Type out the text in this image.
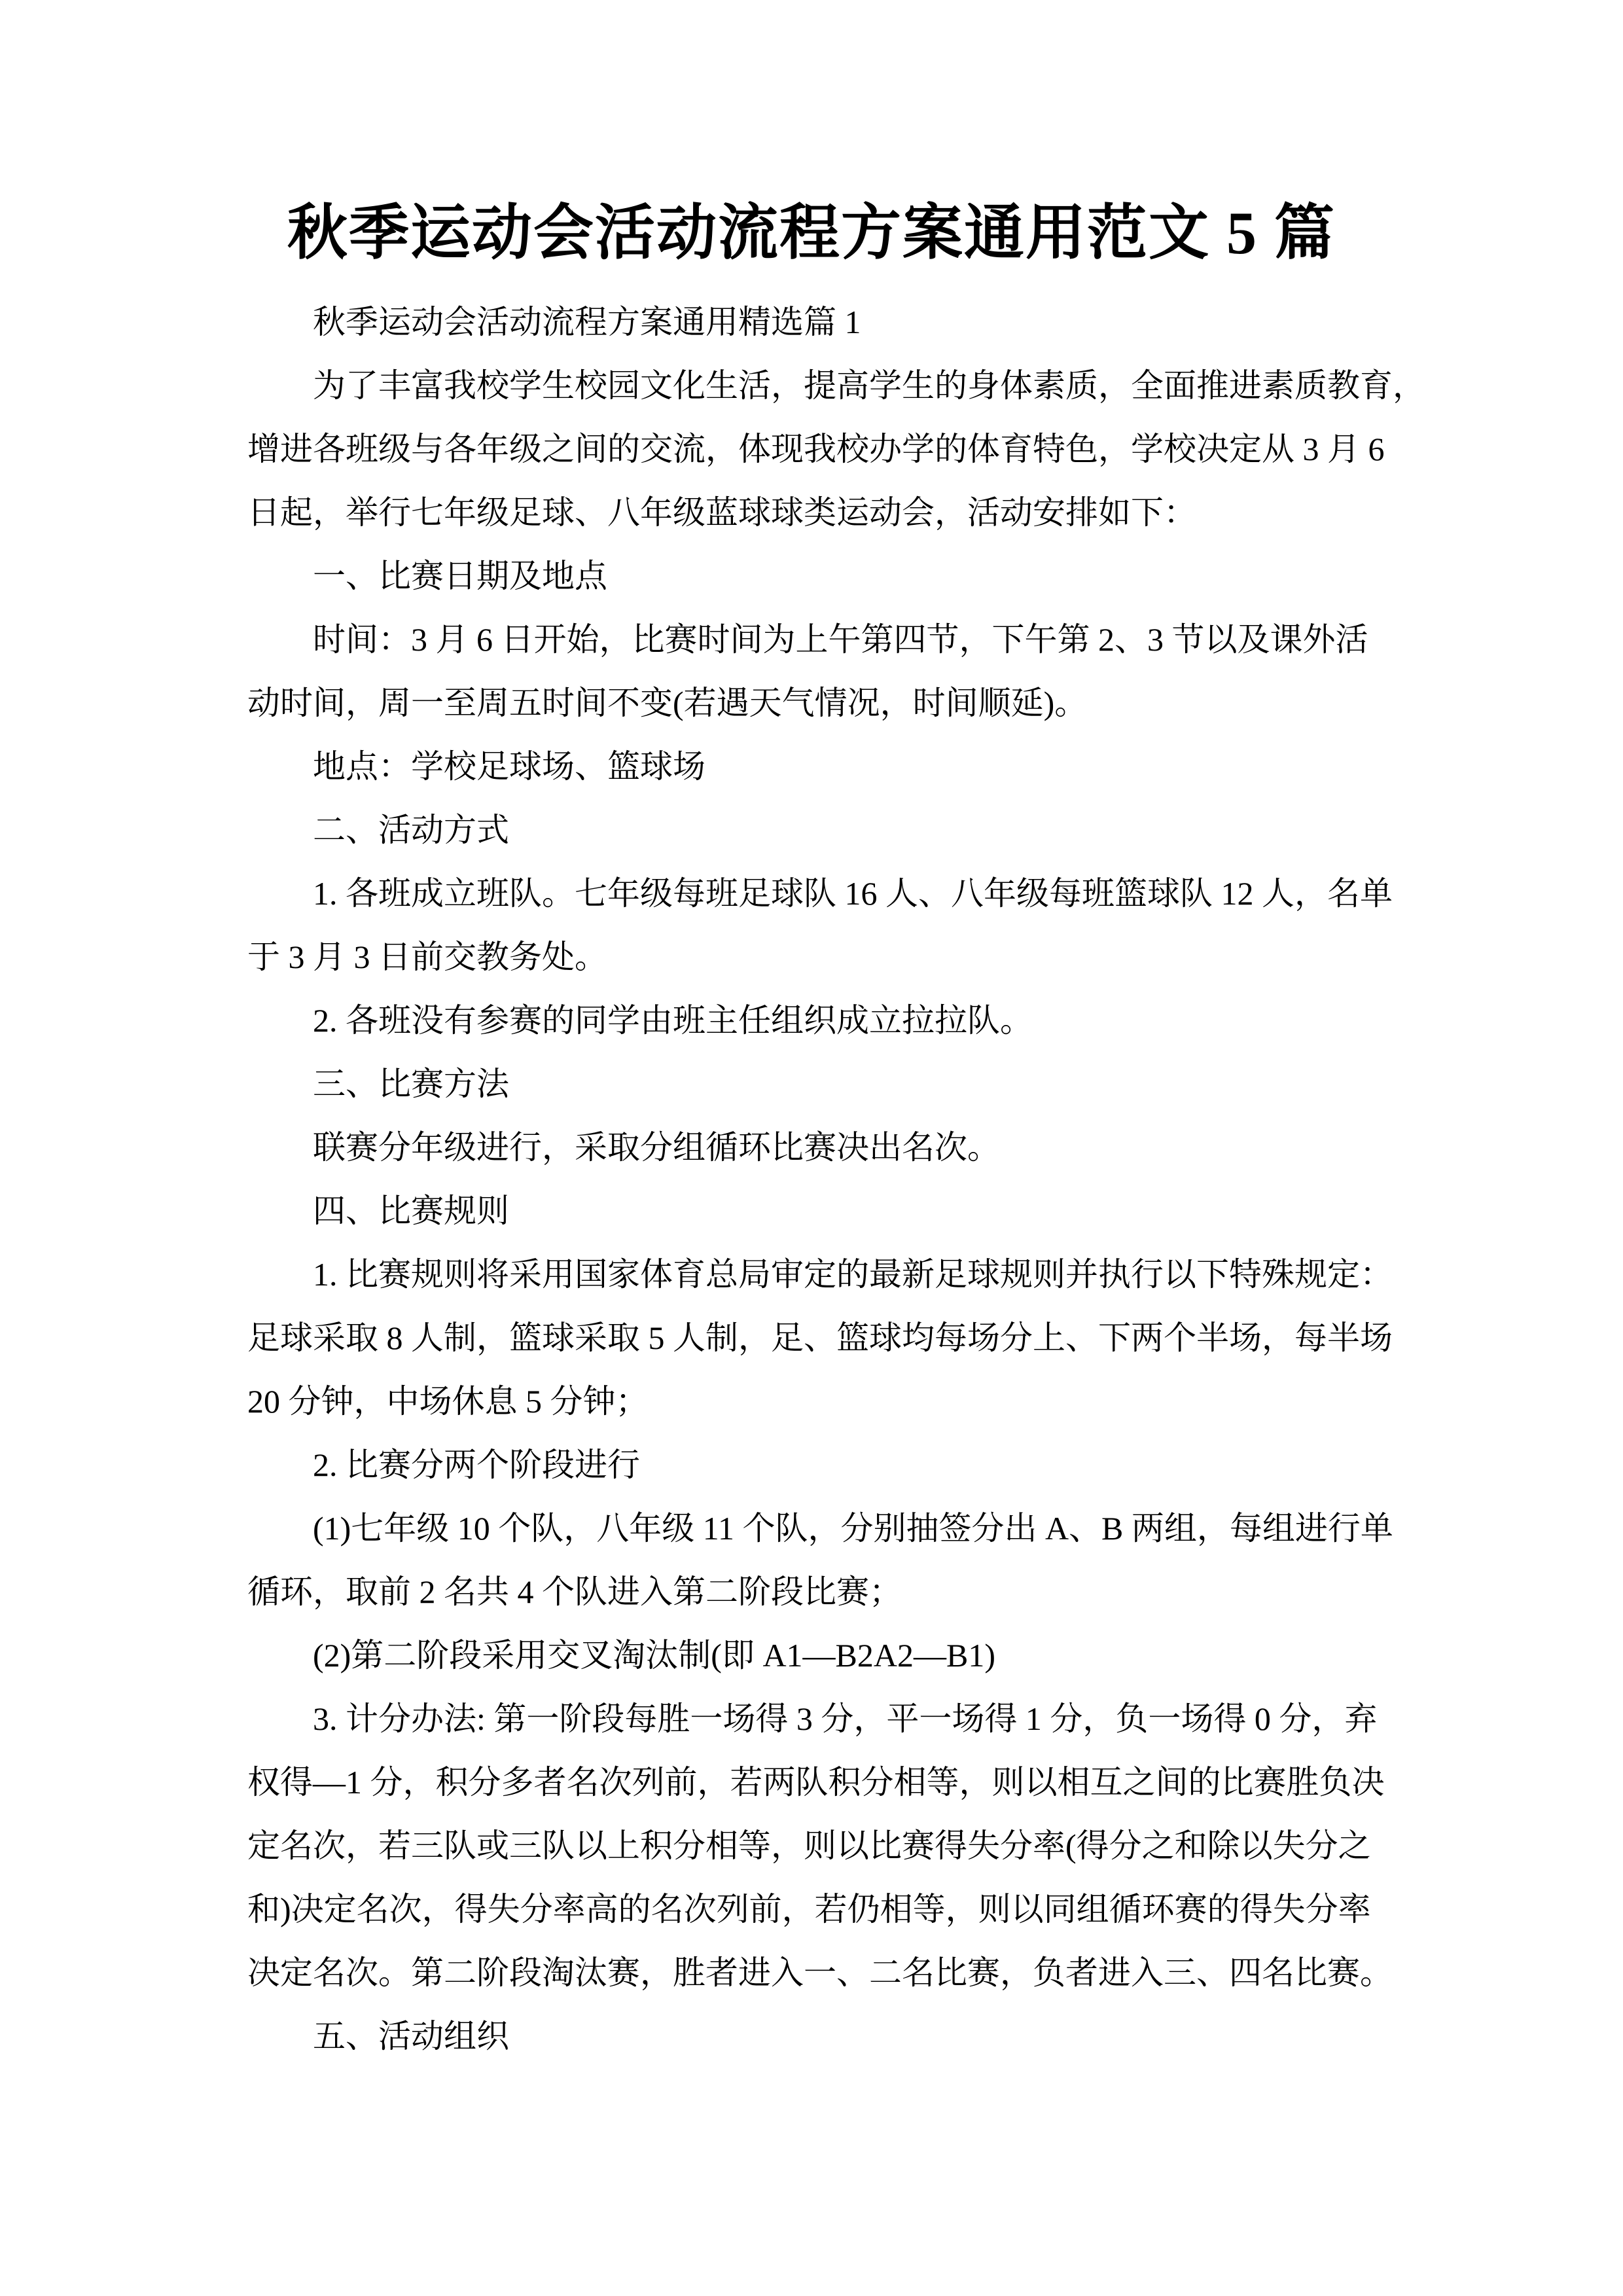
秋季运动会活动流程方案通用范文 5 篇
秋季运动会活动流程方案通用精选篇 1
为了丰富我校学生校园文化生活，提高学生的身体素质，全面推进素质教育，
增进各班级与各年级之间的交流，体现我校办学的体育特色，学校决定从 3 月 6
日起，举行七年级足球、八年级蓝球球类运动会，活动安排如下：
一、比赛日期及地点
时间：3 月 6 日开始，比赛时间为上午第四节，下午第 2、3 节以及课外活
动时间，周一至周五时间不变(若遇天气情况，时间顺延)。
地点：学校足球场、篮球场
二、活动方式
1. 各班成立班队。七年级每班足球队 16 人、八年级每班篮球队 12 人，名单
于 3 月 3 日前交教务处。
2. 各班没有参赛的同学由班主任组织成立拉拉队。
三、比赛方法
联赛分年级进行，采取分组循环比赛决出名次。
四、比赛规则
1. 比赛规则将采用国家体育总局审定的最新足球规则并执行以下特殊规定：
足球采取 8 人制，篮球采取 5 人制，足、篮球均每场分上、下两个半场，每半场
20 分钟，中场休息 5 分钟；
2. 比赛分两个阶段进行
(1)七年级 10 个队，八年级 11 个队，分别抽签分出 A、B 两组，每组进行单
循环，取前 2 名共 4 个队进入第二阶段比赛；
(2)第二阶段采用交叉淘汰制(即 A1—B2A2—B1)
3. 计分办法: 第一阶段每胜一场得 3 分，平一场得 1 分，负一场得 0 分，弃
权得—1 分，积分多者名次列前，若两队积分相等，则以相互之间的比赛胜负决
定名次，若三队或三队以上积分相等，则以比赛得失分率(得分之和除以失分之
和)决定名次，得失分率高的名次列前，若仍相等，则以同组循环赛的得失分率
决定名次。第二阶段淘汰赛，胜者进入一、二名比赛，负者进入三、四名比赛。
五、活动组织
